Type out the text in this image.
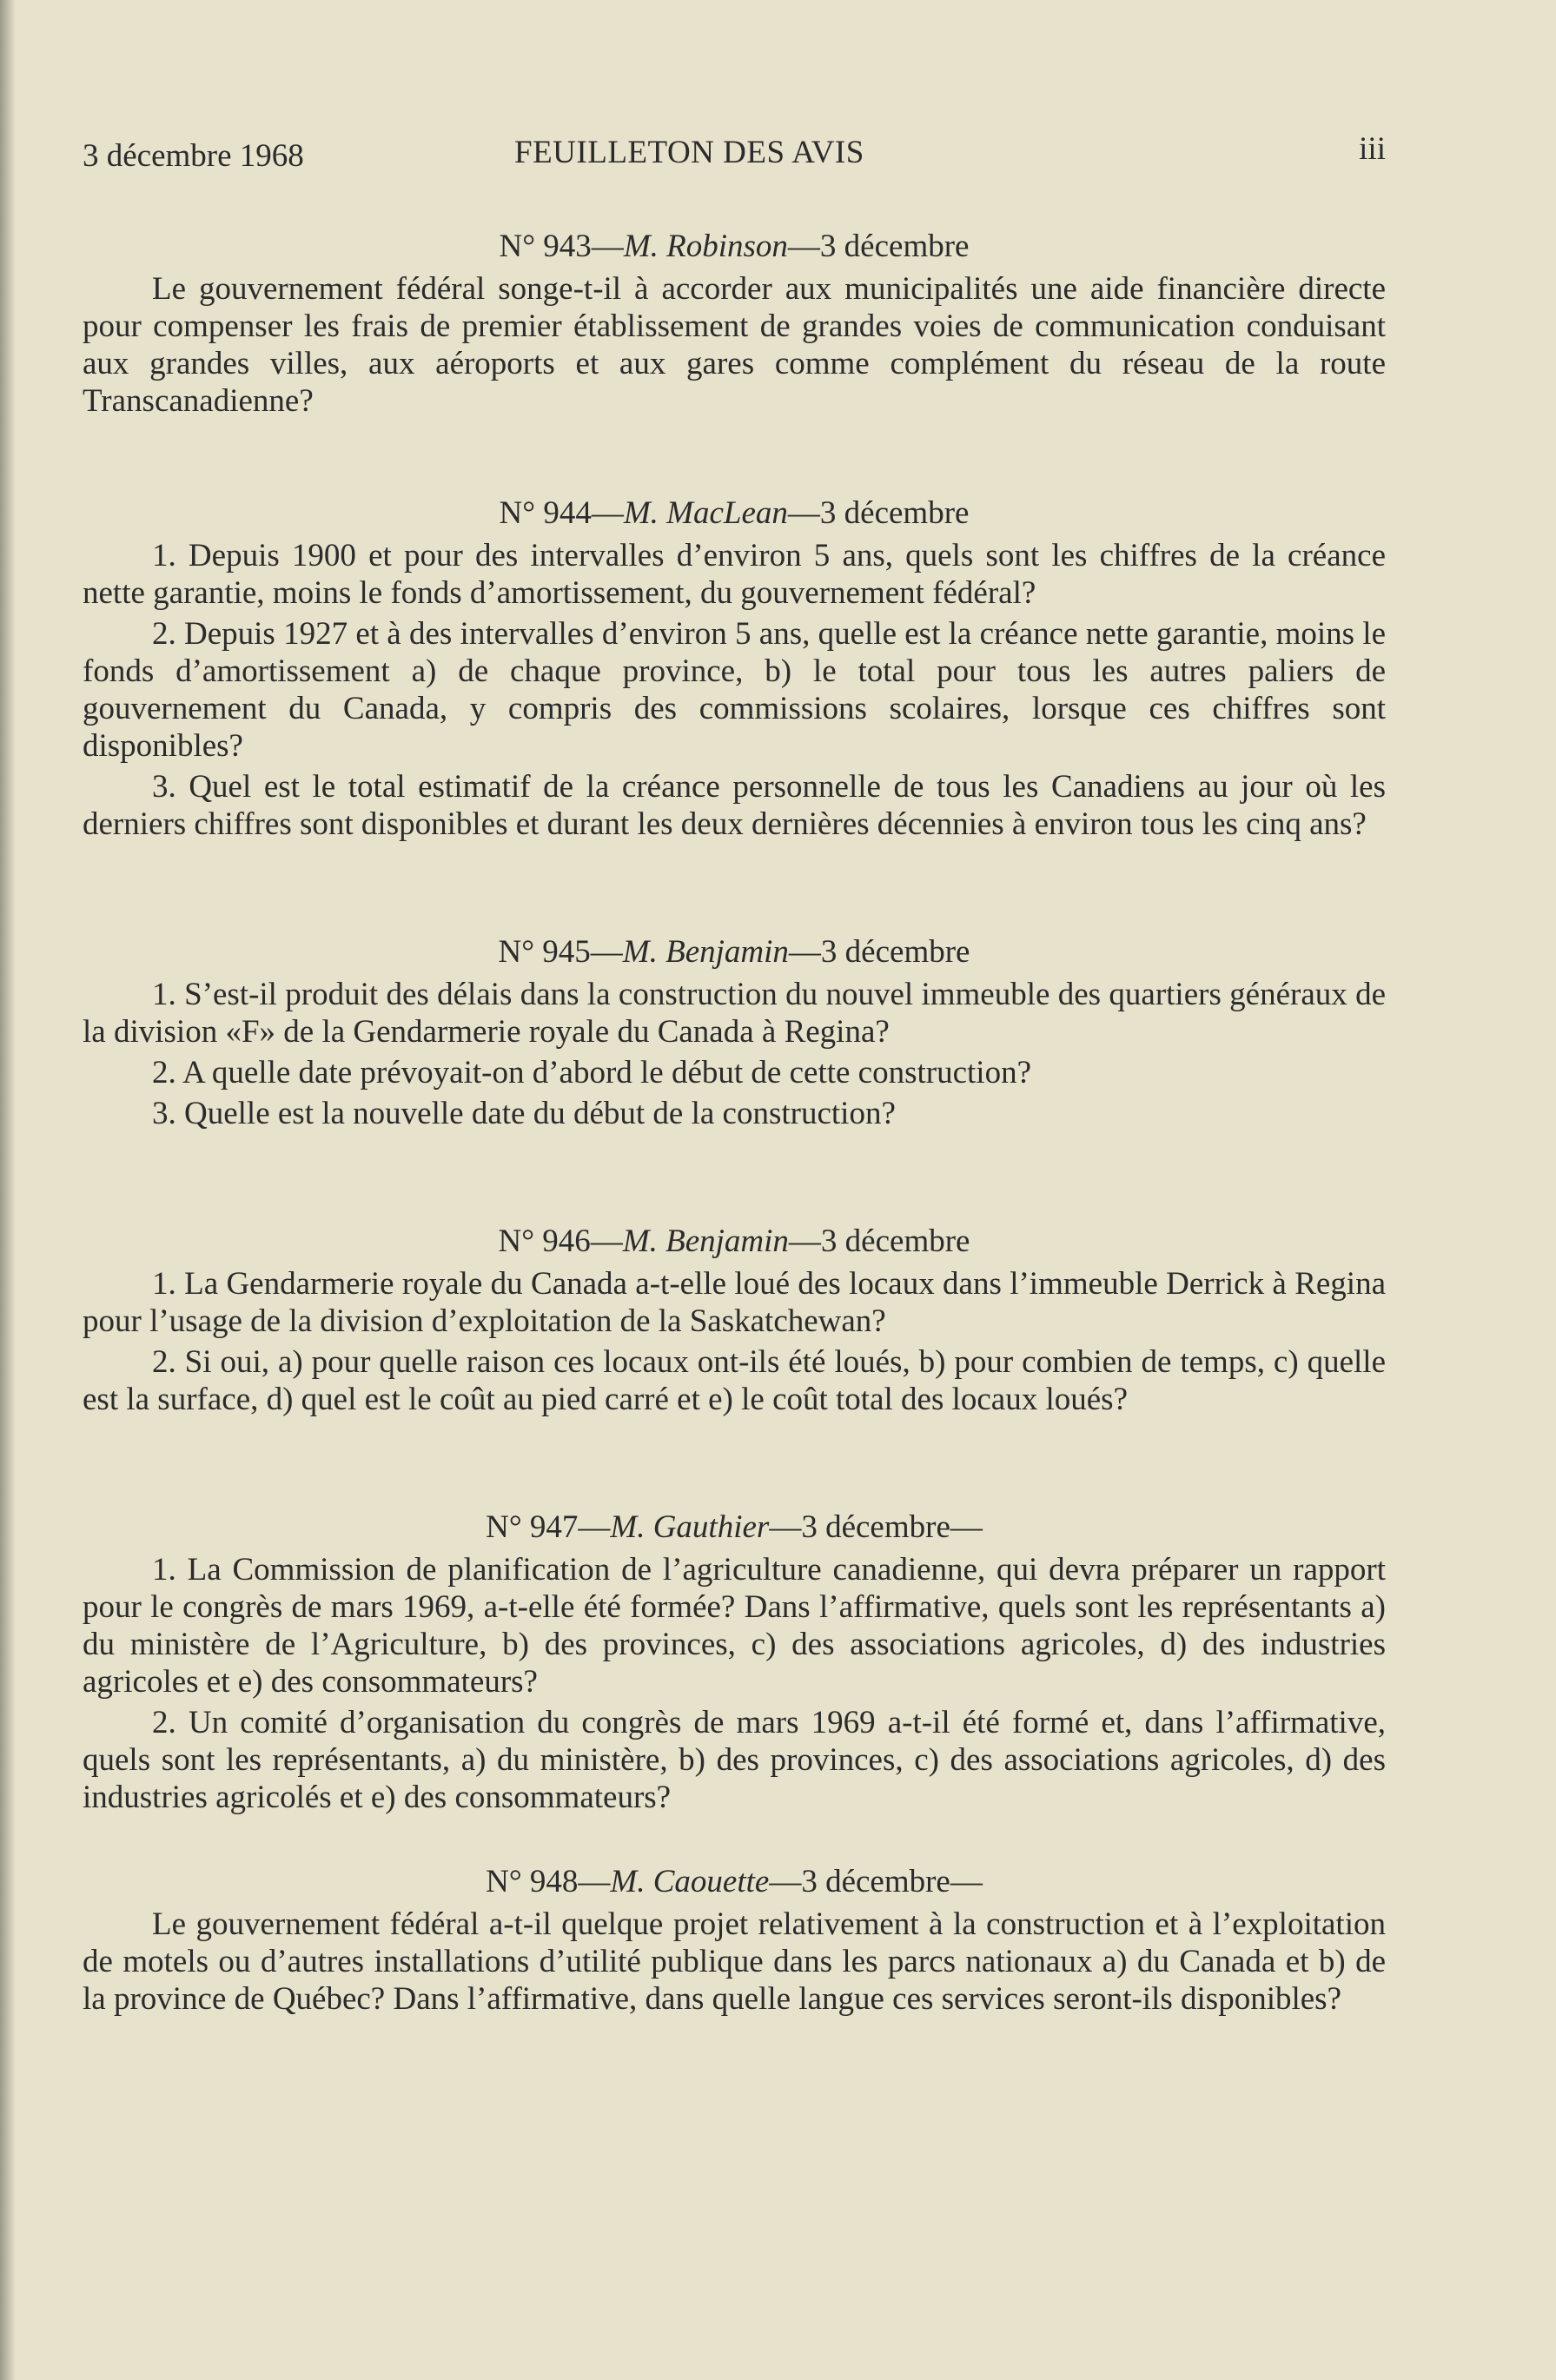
3 décembre 1968	FEUILLETON DES AVIS	iii
N° 943—M. Robinson—3 décembre

Le gouvernement fédéral songe-t-il à accorder aux municipalités une aide financière directe pour compenser les frais de premier établissement de grandes voies de communication conduisant aux grandes villes, aux aéroports et aux gares comme complément du réseau de la route Transcanadienne?

N° 944—M. MacLean—3 décembre

1. Depuis 1900 et pour des intervalles d’environ 5 ans, quels sont les chiffres de la créance nette garantie, moins le fonds d’amortissement, du gouvernement fédéral?

2. Depuis 1927 et à des intervalles d’environ 5 ans, quelle est la créance nette garantie, moins le fonds d’amortissement a) de chaque province, b) le total pour tous les autres paliers de gouvernement du Canada, y compris des commissions scolaires, lorsque ces chiffres sont disponibles?

3. Quel est le total estimatif de la créance personnelle de tous les Canadiens au jour où les derniers chiffres sont disponibles et durant les deux dernières décennies à environ tous les cinq ans?

N° 945—M. Benjamin—3 décembre

1. S’est-il produit des délais dans la construction du nouvel immeuble des quartiers généraux de la division «F» de la Gendarmerie royale du Canada à Regina?

2. A quelle date prévoyait-on d’abord le début de cette construction?

3. Quelle est la nouvelle date du début de la construction?

N° 946—M. Benjamin—3 décembre

1. La Gendarmerie royale du Canada a-t-elle loué des locaux dans l’immeuble Derrick à Regina pour l’usage de la division d’exploitation de la Saskatchewan?

2. Si oui, a) pour quelle raison ces locaux ont-ils été loués, b) pour combien de temps, c) quelle est la surface, d) quel est le coût au pied carré et e) le coût total des locaux loués?

N° 947—M. Gauthier—3 décembre—

1. La Commission de planification de l’agriculture canadienne, qui devra préparer un rapport pour le congrès de mars 1969, a-t-elle été formée? Dans l’affirmative, quels sont les représentants a) du ministère de l’Agriculture, b) des provinces, c) des associations agricoles, d) des industries agricoles et e) des consommateurs?

2. Un comité d’organisation du congrès de mars 1969 a-t-il été formé et, dans l’affirmative, quels sont les représentants, a) du ministère, b) des provinces, c) des associations agricoles, d) des industries agricolés et e) des consommateurs?

N° 948—M. Caouette—3 décembre—

Le gouvernement fédéral a-t-il quelque projet relativement à la construction et à l’exploitation de motels ou d’autres installations d’utilité publique dans les parcs nationaux a) du Canada et b) de la province de Québec? Dans l’affirmative, dans quelle langue ces services seront-ils disponibles?
